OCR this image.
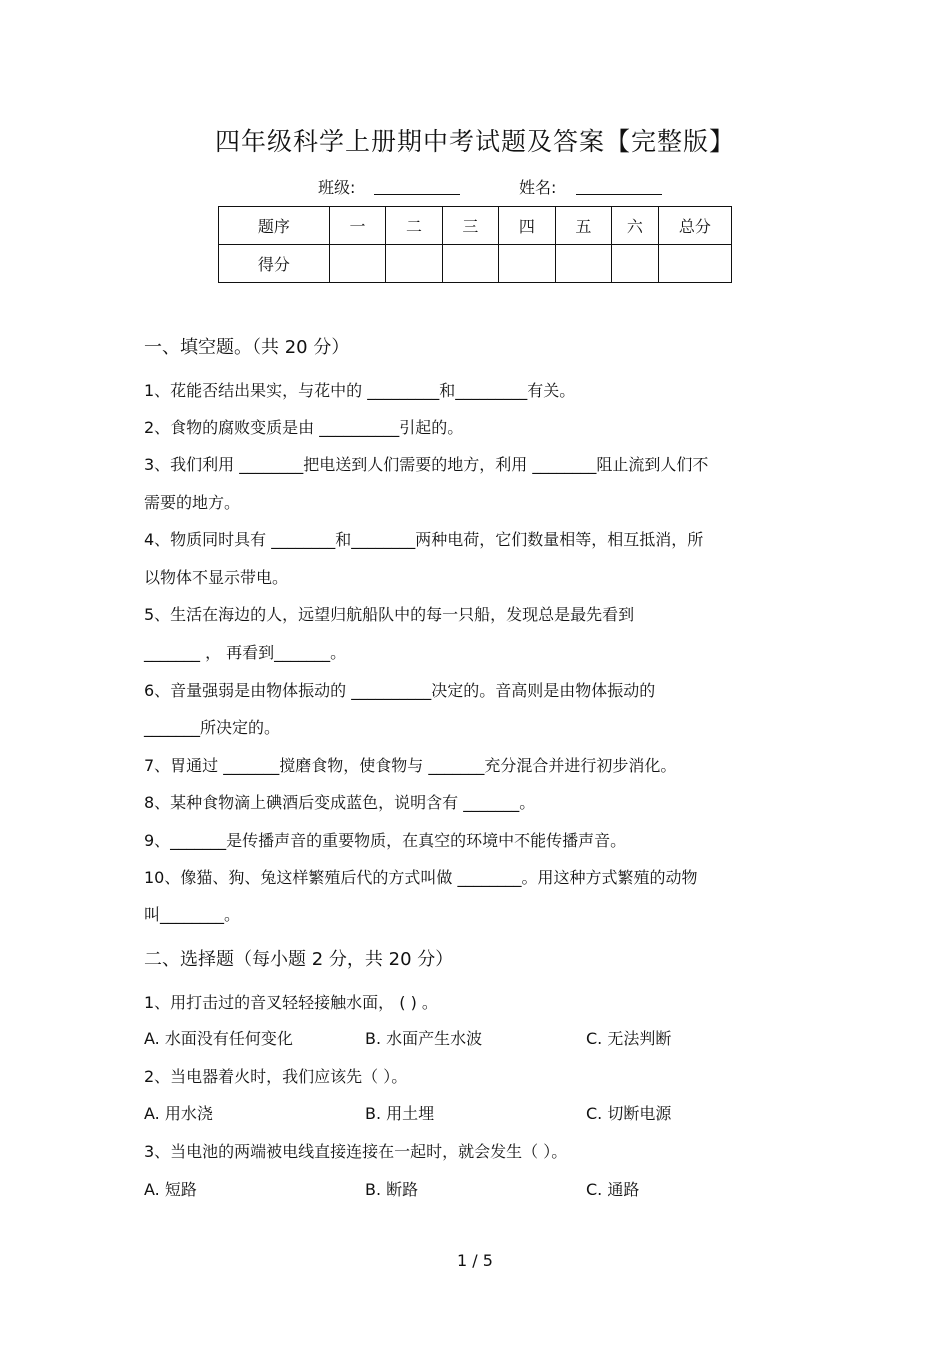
四年级科学上册期中考试题及答案【完整版】
班级:	姓名:
题序	一	二	三	四	五	六	总分
得分							
一、填空题。（共 20 分）
1、花能否结出果实，与花中的 _________和_________有关。
2、食物的腐败变质是由 __________引起的。
3、我们利用 ________把电送到人们需要的地方，利用 ________阻止流到人们不
需要的地方。
4、物质同时具有 ________和________两种电荷，它们数量相等，相互抵消，所
以物体不显示带电。
5、生活在海边的人，远望归航船队中的每一只船，发现总是最先看到
_______ ， 再看到_______。
6、音量强弱是由物体振动的 __________决定的。音高则是由物体振动的
_______所决定的。
7、胃通过 _______搅磨食物，使食物与 _______充分混合并进行初步消化。
8、某种食物滴上碘酒后变成蓝色，说明含有 _______。
9、_______是传播声音的重要物质，在真空的环境中不能传播声音。
10、像猫、狗、兔这样繁殖后代的方式叫做 ________。用这种方式繁殖的动物
叫________。
二、选择题（每小题 2 分，共 20 分）
1、用打击过的音叉轻轻接触水面， ( ) 。
A. 水面没有任何变化	B. 水面产生水波	C. 无法判断
2、当电器着火时，我们应该先（ ）。
A. 用水浇	B. 用土埋	C. 切断电源
3、当电池的两端被电线直接连接在一起时，就会发生（ ）。
A. 短路	B. 断路	C. 通路
1 / 5
